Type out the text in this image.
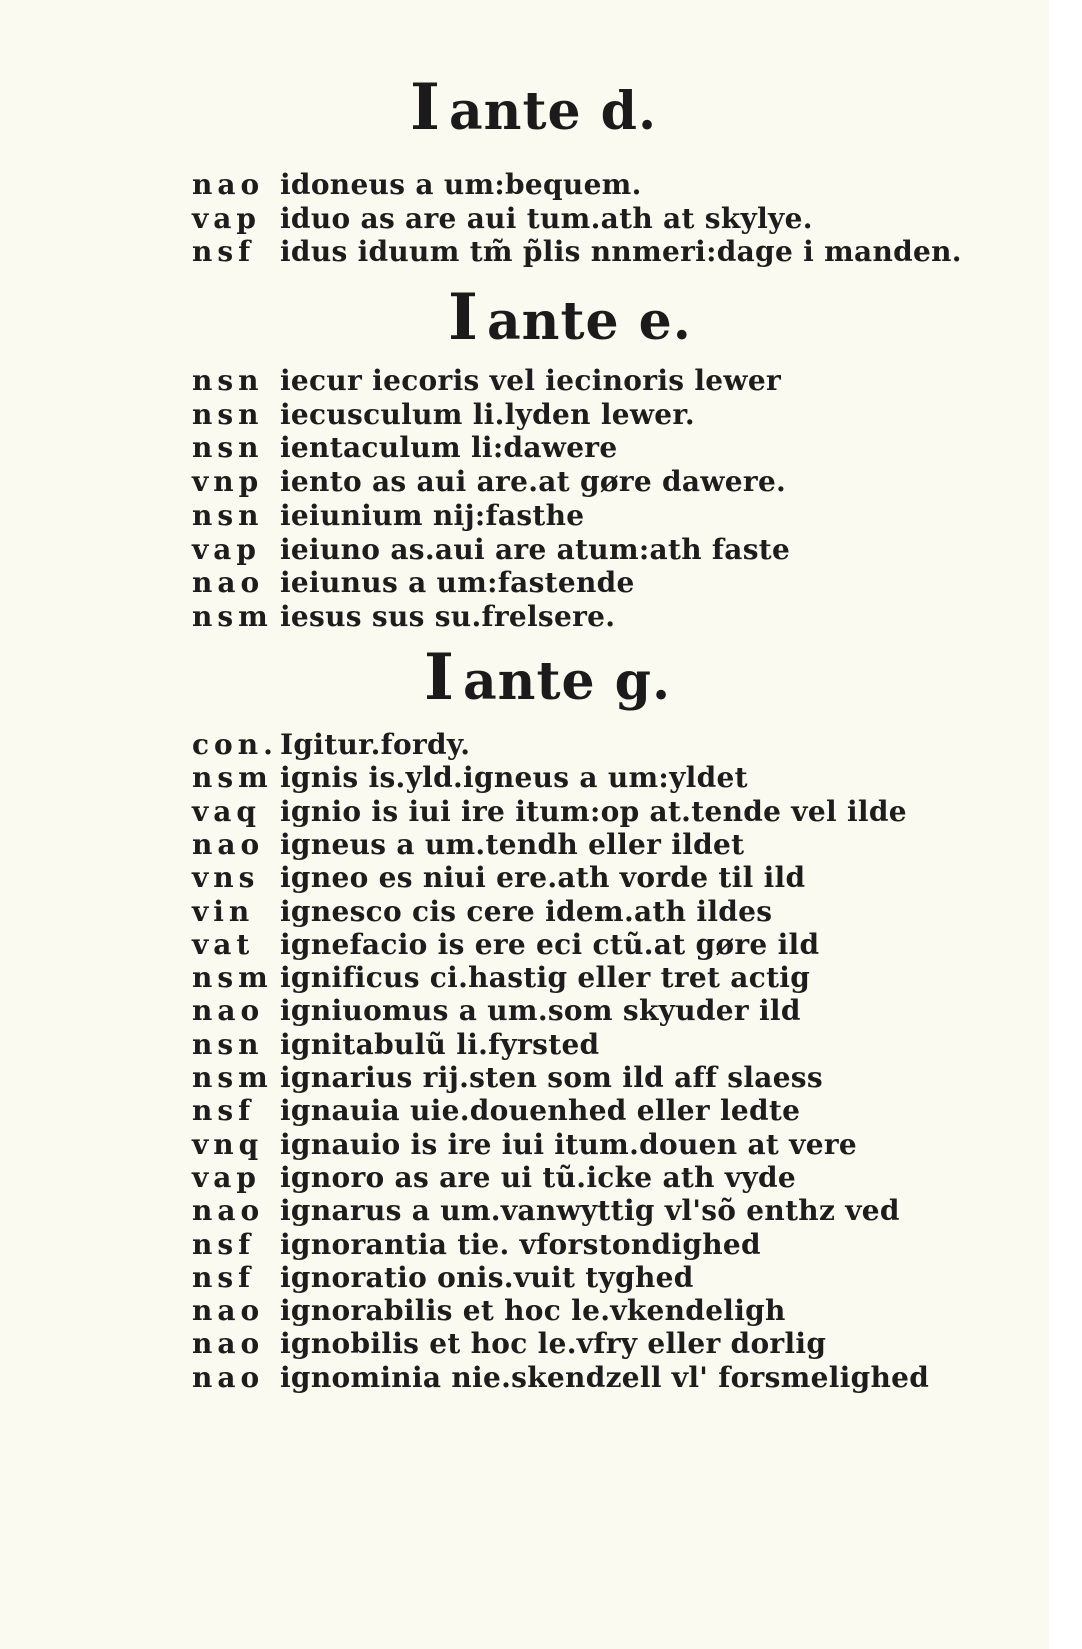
I ante d.
nao idoneus a um:bequem.
vap iduo as are aui tum.ath at skylye.
nsf idus iduum tm̃ p̃lis nnmeri:dage i manden.
I ante e.
nsn iecur iecoris vel iecinoris lewer
nsn iecusculum li.lyden lewer.
nsn ientaculum li:dawere
vnp iento as aui are.at gøre dawere.
nsn ieiunium nij:fasthe
vap ieiuno as.aui are atum:ath faste
nao ieiunus a um:fastende
nsm iesus sus su.frelsere.
I ante g.
con. Igitur.fordy.
nsm ignis is.yld.igneus a um:yldet
vaq ignio is iui ire itum:op at.tende vel ilde
nao igneus a um.tendh eller ildet
vns igneo es niui ere.ath vorde til ild
vin ignesco cis cere idem.ath ildes
vat ignefacio is ere eci ctũ.at gøre ild
nsm ignificus ci.hastig eller tret actig
nao igniuomus a um.som skyuder ild
nsn ignitabulũ li.fyrsted
nsm ignarius rij.sten som ild aff slaess
nsf ignauia uie.douenhed eller ledte
vnq ignauio is ire iui itum.douen at vere
vap ignoro as are ui tũ.icke ath vyde
nao ignarus a um.vanwyttig vl'sõ enthz ved
nsf ignorantia tie. vforstondighed
nsf ignoratio onis.vuit tyghed
nao ignorabilis et hoc le.vkendeligh
nao ignobilis et hoc le.vfry eller dorlig
nao ignominia nie.skendzell vl' forsmelighed
